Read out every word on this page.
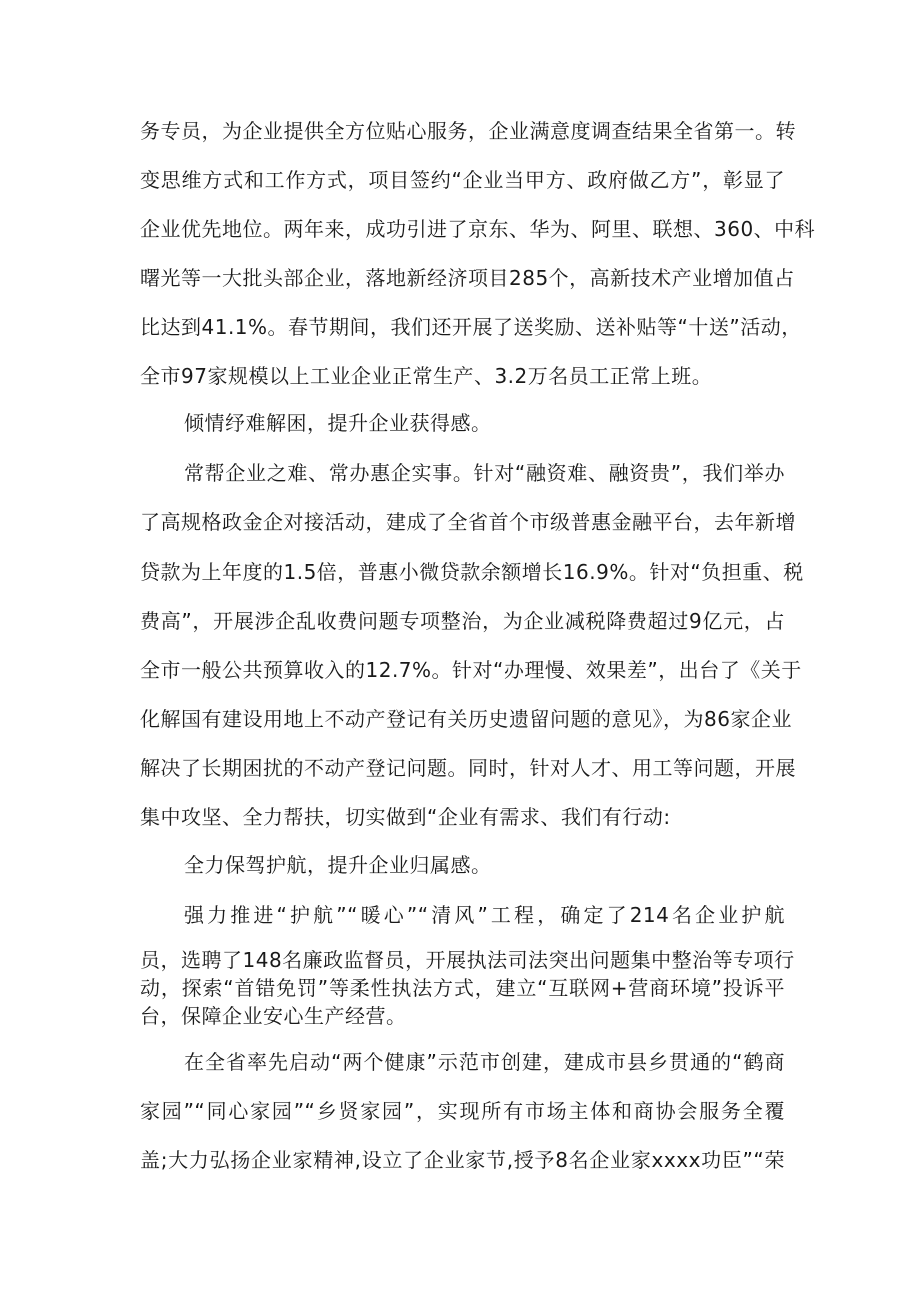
务专员，为企业提供全方位贴心服务，企业满意度调查结果全省第一。转
变思维方式和工作方式，项目签约“企业当甲方、政府做乙方”，彰显了
企业优先地位。两年来，成功引进了京东、华为、阿里、联想、360、中科
曙光等一大批头部企业，落地新经济项目285个，高新技术产业增加值占
比达到41.1%。春节期间，我们还开展了送奖励、送补贴等“十送”活动，
全市97家规模以上工业企业正常生产、3.2万名员工正常上班。
倾情纾难解困，提升企业获得感。
常帮企业之难、常办惠企实事。针对“融资难、融资贵”，我们举办
了高规格政金企对接活动，建成了全省首个市级普惠金融平台，去年新增
贷款为上年度的1.5倍，普惠小微贷款余额增长16.9%。针对“负担重、税
费高”，开展涉企乱收费问题专项整治，为企业减税降费超过9亿元，占
全市一般公共预算收入的12.7%。针对“办理慢、效果差”，出台了《关于
化解国有建设用地上不动产登记有关历史遗留问题的意见》，为86家企业
解决了长期困扰的不动产登记问题。同时，针对人才、用工等问题，开展
集中攻坚、全力帮扶，切实做到“企业有需求、我们有行动:
全力保驾护航，提升企业归属感。
强力推进“护航”“暖心”“清风”工程，确定了214名企业护航
员，选聘了148名廉政监督员，开展执法司法突出问题集中整治等专项行
动，探索“首错免罚”等柔性执法方式，建立“互联网+营商环境”投诉平
台，保障企业安心生产经营。
在全省率先启动“两个健康”示范市创建，建成市县乡贯通的“鹤商
家园”“同心家园”“乡贤家园”，实现所有市场主体和商协会服务全覆
盖;大力弘扬企业家精神,设立了企业家节,授予8名企业家xxxx功臣”“荣
